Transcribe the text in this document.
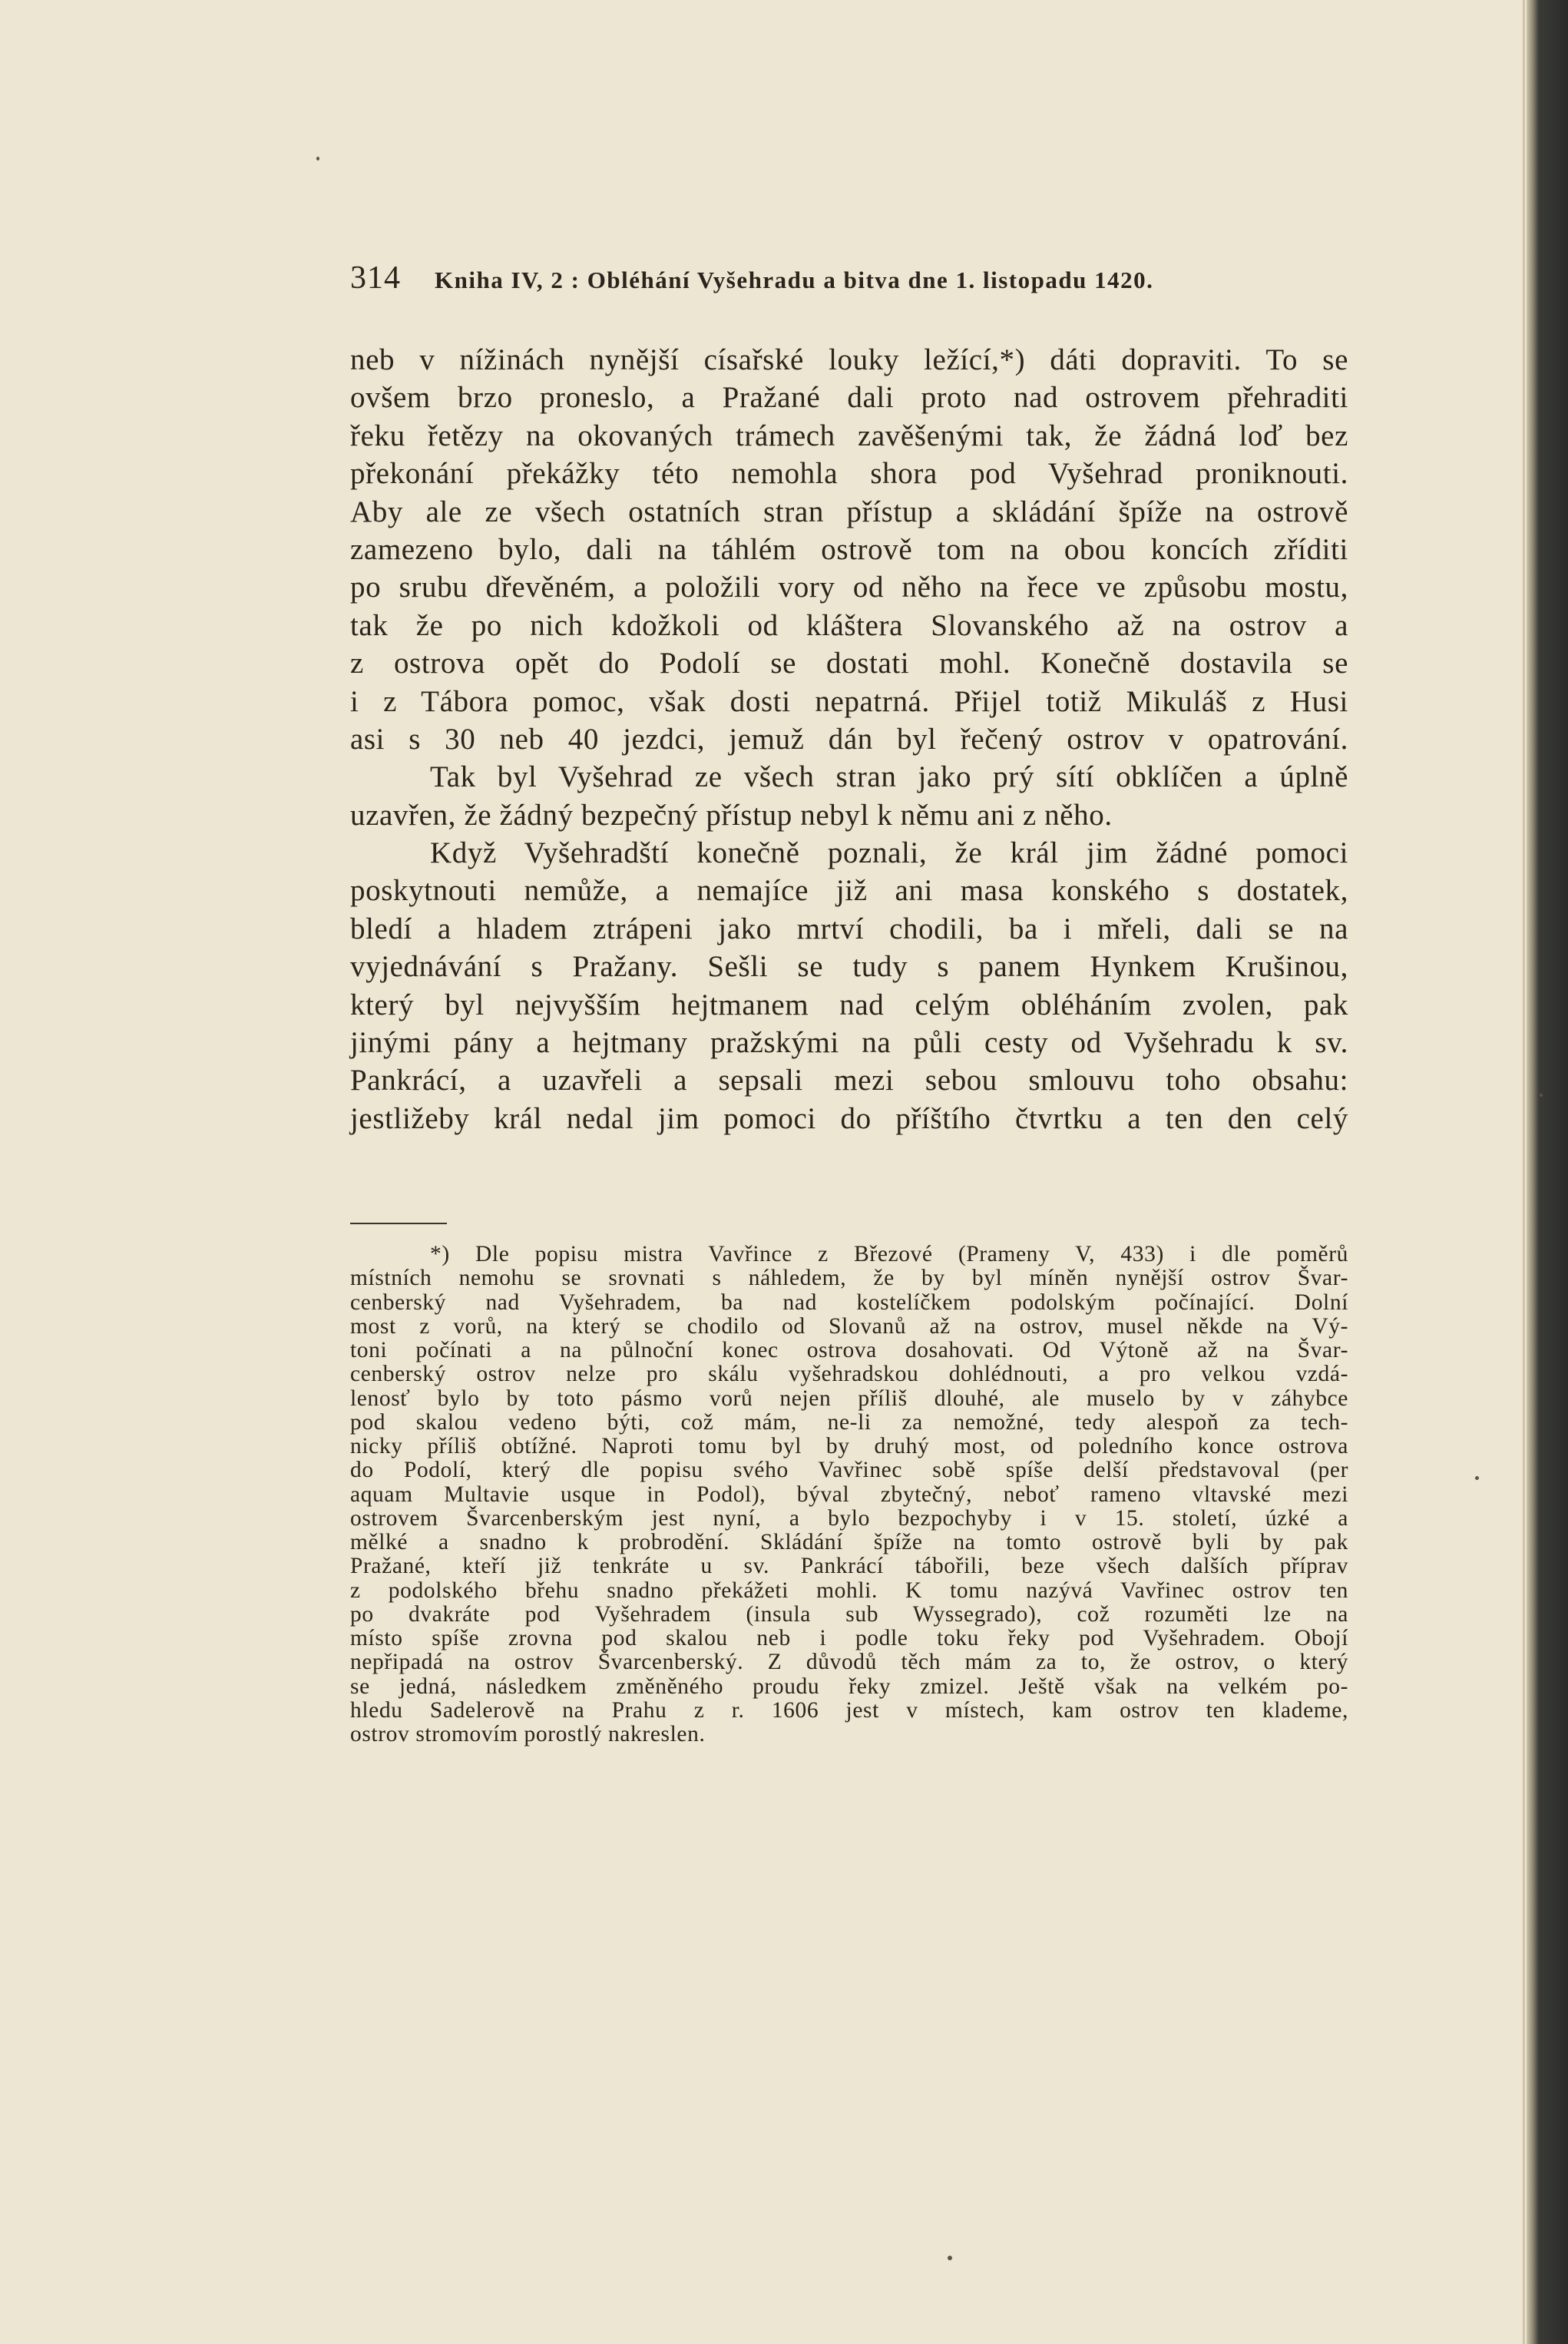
314 Kniha IV, 2 : Obléhání Vyšehradu a bitva dne 1. listopadu 1420.
neb v nížinách nynější císařské louky ležící,*) dáti dopraviti. To se
ovšem brzo proneslo, a Pražané dali proto nad ostrovem přehraditi
řeku řetězy na okovaných trámech zavěšenými tak, že žádná loď bez
překonání překážky této nemohla shora pod Vyšehrad proniknouti.
Aby ale ze všech ostatních stran přístup a skládání špíže na ostrově
zamezeno bylo, dali na táhlém ostrově tom na obou koncích zříditi
po srubu dřevěném, a položili vory od něho na řece ve způsobu mostu,
tak že po nich kdožkoli od kláštera Slovanského až na ostrov a
z ostrova opět do Podolí se dostati mohl. Konečně dostavila se
i z Tábora pomoc, však dosti nepatrná. Přijel totiž Mikuláš z Husi
asi s 30 neb 40 jezdci, jemuž dán byl řečený ostrov v opatrování.
Tak byl Vyšehrad ze všech stran jako prý sítí obklíčen a úplně
uzavřen, že žádný bezpečný přístup nebyl k němu ani z něho.
Když Vyšehradští konečně poznali, že král jim žádné pomoci
poskytnouti nemůže, a nemajíce již ani masa konského s dostatek,
bledí a hladem ztrápeni jako mrtví chodili, ba i mřeli, dali se na
vyjednávání s Pražany. Sešli se tudy s panem Hynkem Krušinou,
který byl nejvyšším hejtmanem nad celým obléháním zvolen, pak
jinými pány a hejtmany pražskými na půli cesty od Vyšehradu k sv.
Pankrácí, a uzavřeli a sepsali mezi sebou smlouvu toho obsahu:
jestližeby král nedal jim pomoci do příštího čtvrtku a ten den celý
*) Dle popisu mistra Vavřince z Březové (Prameny V, 433) i dle poměrů
místních nemohu se srovnati s náhledem, že by byl míněn nynější ostrov Švar-
cenberský nad Vyšehradem, ba nad kostelíčkem podolským počínající. Dolní
most z vorů, na který se chodilo od Slovanů až na ostrov, musel někde na Vý-
toni počínati a na půlnoční konec ostrova dosahovati. Od Výtoně až na Švar-
cenberský ostrov nelze pro skálu vyšehradskou dohlédnouti, a pro velkou vzdá-
lenosť bylo by toto pásmo vorů nejen příliš dlouhé, ale muselo by v záhybce
pod skalou vedeno býti, což mám, ne-li za nemožné, tedy alespoň za tech-
nicky příliš obtížné. Naproti tomu byl by druhý most, od poledního konce ostrova
do Podolí, který dle popisu svého Vavřinec sobě spíše delší představoval (per
aquam Multavie usque in Podol), býval zbytečný, neboť rameno vltavské mezi
ostrovem Švarcenberským jest nyní, a bylo bezpochyby i v 15. století, úzké a
mělké a snadno k probrodění. Skládání špíže na tomto ostrově byli by pak
Pražané, kteří již tenkráte u sv. Pankrácí tábořili, beze všech dalších příprav
z podolského břehu snadno překážeti mohli. K tomu nazývá Vavřinec ostrov ten
po dvakráte pod Vyšehradem (insula sub Wyssegrado), což rozuměti lze na
místo spíše zrovna pod skalou neb i podle toku řeky pod Vyšehradem. Obojí
nepřipadá na ostrov Švarcenberský. Z důvodů těch mám za to, že ostrov, o který
se jedná, následkem změněného proudu řeky zmizel. Ještě však na velkém po-
hledu Sadelerově na Prahu z r. 1606 jest v místech, kam ostrov ten klademe,
ostrov stromovím porostlý nakreslen.
